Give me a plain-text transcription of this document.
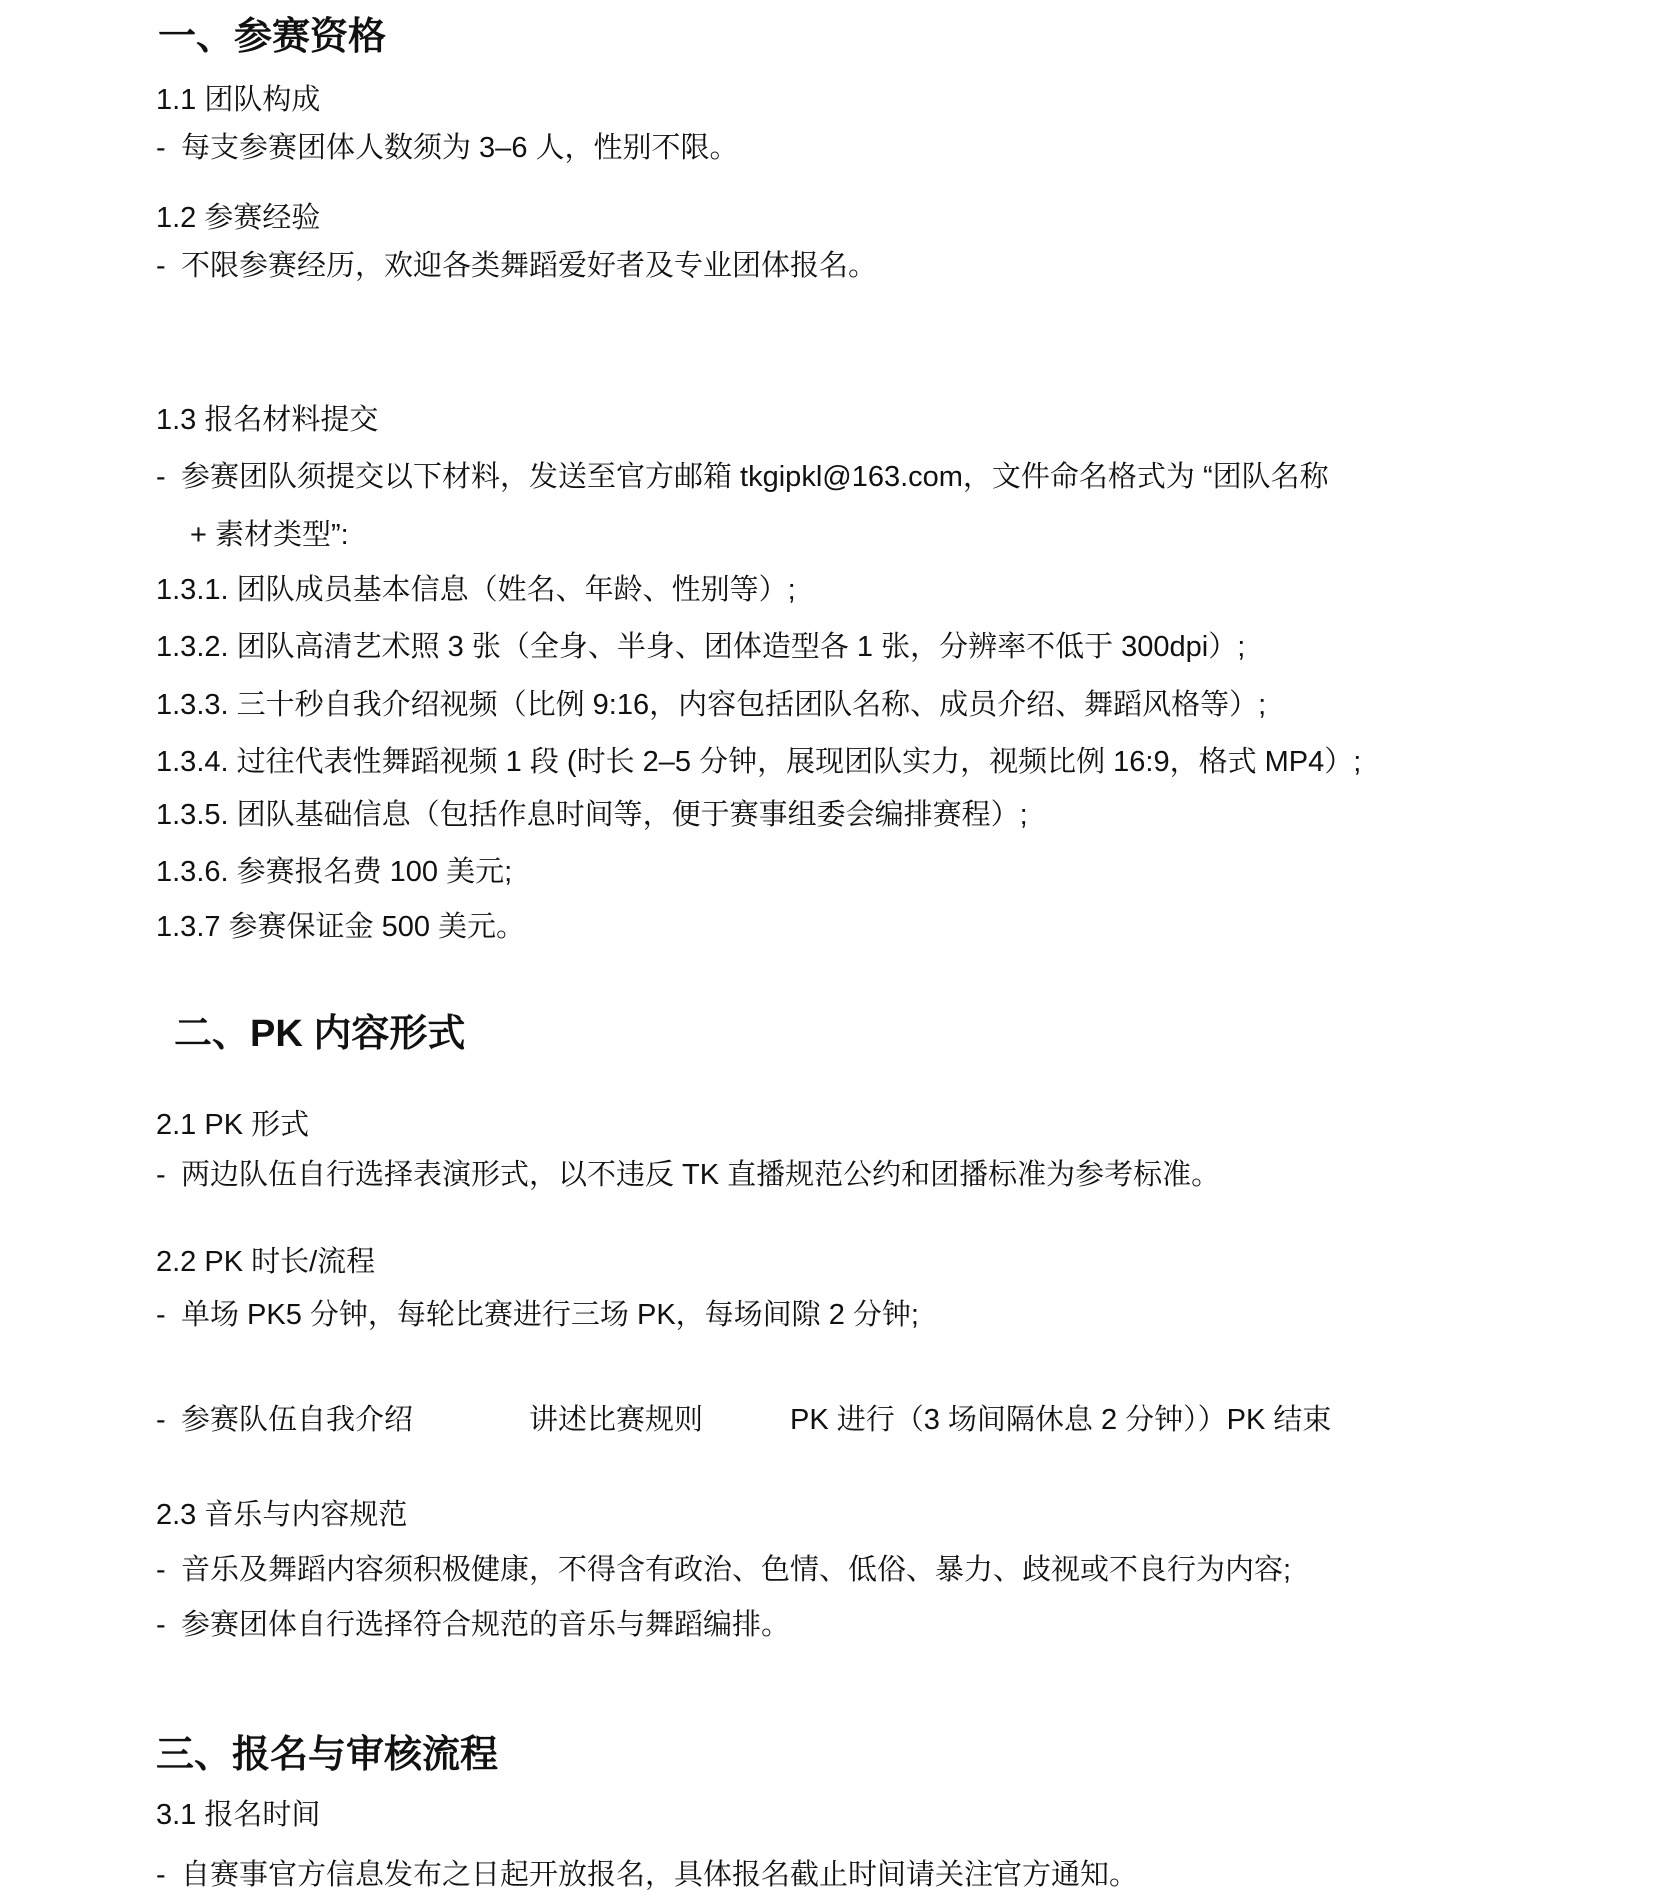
一、参赛资格
1.1 团队构成
- 每支参赛团体人数须为 3–6 人，性别不限。
1.2 参赛经验
- 不限参赛经历，欢迎各类舞蹈爱好者及专业团体报名。
1.3 报名材料提交
- 参赛团队须提交以下材料，发送至官方邮箱 tkgipkl@163.com，文件命名格式为 “团队名称
+ 素材类型”:
1.3.1. 团队成员基本信息（姓名、年龄、性别等）;
1.3.2. 团队高清艺术照 3 张（全身、半身、团体造型各 1 张，分辨率不低于 300dpi）;
1.3.3. 三十秒自我介绍视频（比例 9:16，内容包括团队名称、成员介绍、舞蹈风格等）;
1.3.4. 过往代表性舞蹈视频 1 段 (时长 2–5 分钟，展现团队实力，视频比例 16:9，格式 MP4）;
1.3.5. 团队基础信息（包括作息时间等，便于赛事组委会编排赛程）;
1.3.6. 参赛报名费 100 美元;
1.3.7 参赛保证金 500 美元。
二、PK 内容形式
2.1 PK 形式
- 两边队伍自行选择表演形式，以不违反 TK 直播规范公约和团播标准为参考标准。
2.2 PK 时长/流程
- 单场 PK5 分钟，每轮比赛进行三场 PK，每场间隙 2 分钟;
- 参赛队伍自我介绍　　　　讲述比赛规则　　　PK 进行（3 场间隔休息 2 分钟））PK 结束
2.3 音乐与内容规范
- 音乐及舞蹈内容须积极健康，不得含有政治、色情、低俗、暴力、歧视或不良行为内容;
- 参赛团体自行选择符合规范的音乐与舞蹈编排。
三、报名与审核流程
3.1 报名时间
- 自赛事官方信息发布之日起开放报名，具体报名截止时间请关注官方通知。
